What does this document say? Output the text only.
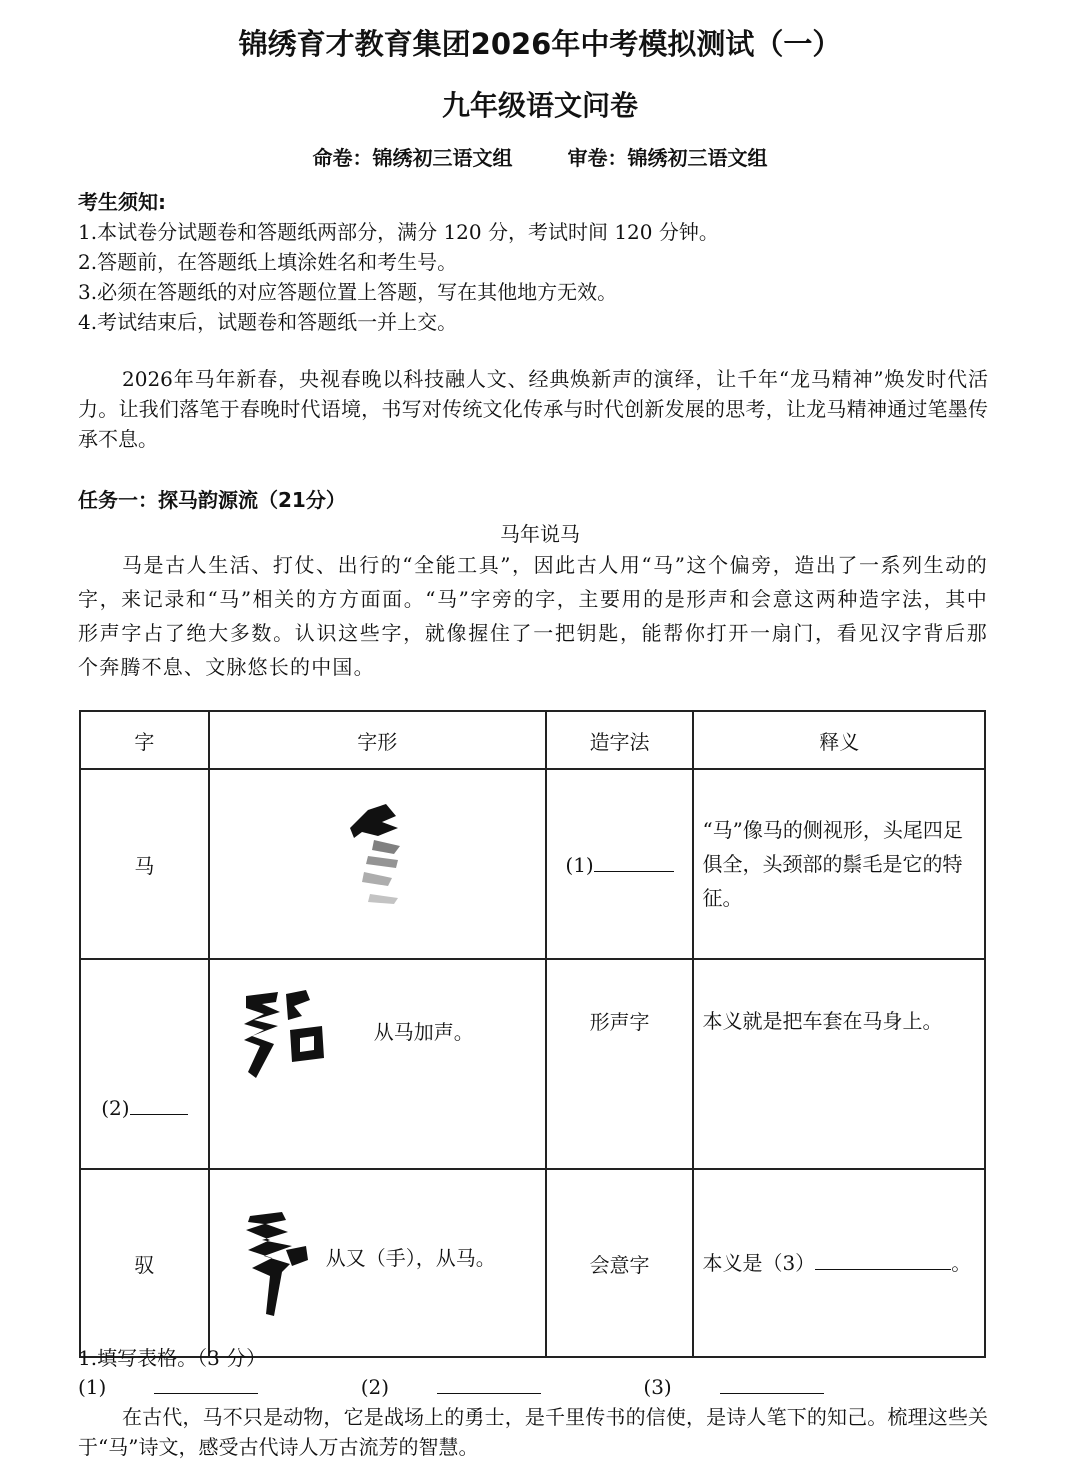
锦绣育才教育集团2026年中考模拟测试（一）
九年级语文问卷
命卷：锦绣初三语文组	审卷：锦绣初三语文组
考生须知:
1.本试卷分试题卷和答题纸两部分，满分 120 分，考试时间 120 分钟。
2.答题前，在答题纸上填涂姓名和考生号。
3.必须在答题纸的对应答题位置上答题，写在其他地方无效。
4.考试结束后，试题卷和答题纸一并上交。
2026年马年新春，央视春晚以科技融人文、经典焕新声的演绎，让千年“龙马精神”焕发时代活力。让我们落笔于春晚时代语境，书写对传统文化传承与时代创新发展的思考，让龙马精神通过笔墨传承不息。
任务一：探马韵源流（21分）
马年说马
马是古人生活、打仗、出行的“全能工具”，因此古人用“马”这个偏旁，造出了一系列生动的字，来记录和“马”相关的方方面面。“马”字旁的字，主要用的是形声和会意这两种造字法，其中形声字占了绝大多数。认识这些字，就像握住了一把钥匙，能帮你打开一扇门，看见汉字背后那个奔腾不息、文脉悠长的中国。
字	字形	造字法	释义
马		(1)	“马”像马的侧视形，头尾四足俱全，头颈部的鬃毛是它的特征。
(2)	从马加声。	形声字	本义就是把车套在马身上。
驭	从又（手），从马。	会意字	本义是（3） 。
1.填写表格。（3 分）
(1)	(2)	(3)
在古代，马不只是动物，它是战场上的勇士，是千里传书的信使，是诗人笔下的知己。梳理这些关于“马”诗文，感受古代诗人万古流芳的智慧。
